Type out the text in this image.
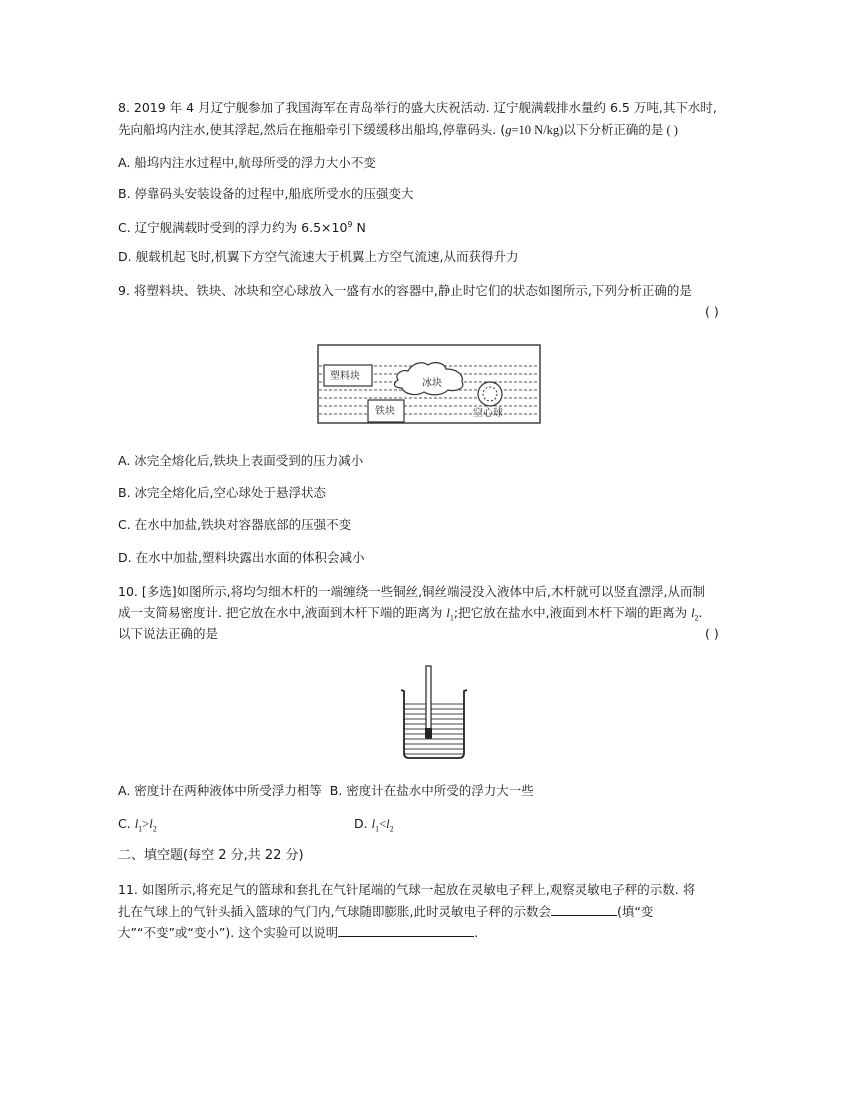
8. 2019 年 4 月辽宁舰参加了我国海军在青岛举行的盛大庆祝活动. 辽宁舰满载排水量约 6.5 万吨,其下水时,
先向船坞内注水,使其浮起,然后在拖船牵引下缓缓移出船坞,停靠码头. (g=10 N/kg)以下分析正确的是 ( )
A. 船坞内注水过程中,航母所受的浮力大小不变
B. 停靠码头安装设备的过程中,船底所受水的压强变大
C. 辽宁舰满载时受到的浮力约为 $6.5\times 10^9$ N
D. 舰载机起飞时,机翼下方空气流速大于机翼上方空气流速,从而获得升力
9. 将塑料块、铁块、冰块和空心球放入一盛有水的容器中,静止时它们的状态如图所示,下列分析正确的是
( )
塑料块
冰块
铁块	空心球
A. 冰完全熔化后,铁块上表面受到的压力减小
B. 冰完全熔化后,空心球处于悬浮状态
C. 在水中加盐,铁块对容器底部的压强不变
D. 在水中加盐,塑料块露出水面的体积会减小
10. [多选]如图所示,将均匀细木杆的一端缠绕一些铜丝,铜丝端浸没入液体中后,木杆就可以竖直漂浮,从而制
成一支简易密度计. 把它放在水中,液面到木杆下端的距离为 $l_1$;把它放在盐水中,液面到木杆下端的距离为 $l_2$.
以下说法正确的是	( )
A. 密度计在两种液体中所受浮力相等 B. 密度计在盐水中所受的浮力大一些
C. $l_1>l_2$	D. $l_1<l_2$
二、填空题(每空 2 分,共 22 分)
11. 如图所示,将充足气的篮球和套扎在气针尾端的气球一起放在灵敏电子秤上,观察灵敏电子秤的示数. 将
扎在气球上的气针头插入篮球的气门内,气球随即膨胀,此时灵敏电子秤的示数会	(填“变
大”“不变”或“变小”). 这个实验可以说明	.
